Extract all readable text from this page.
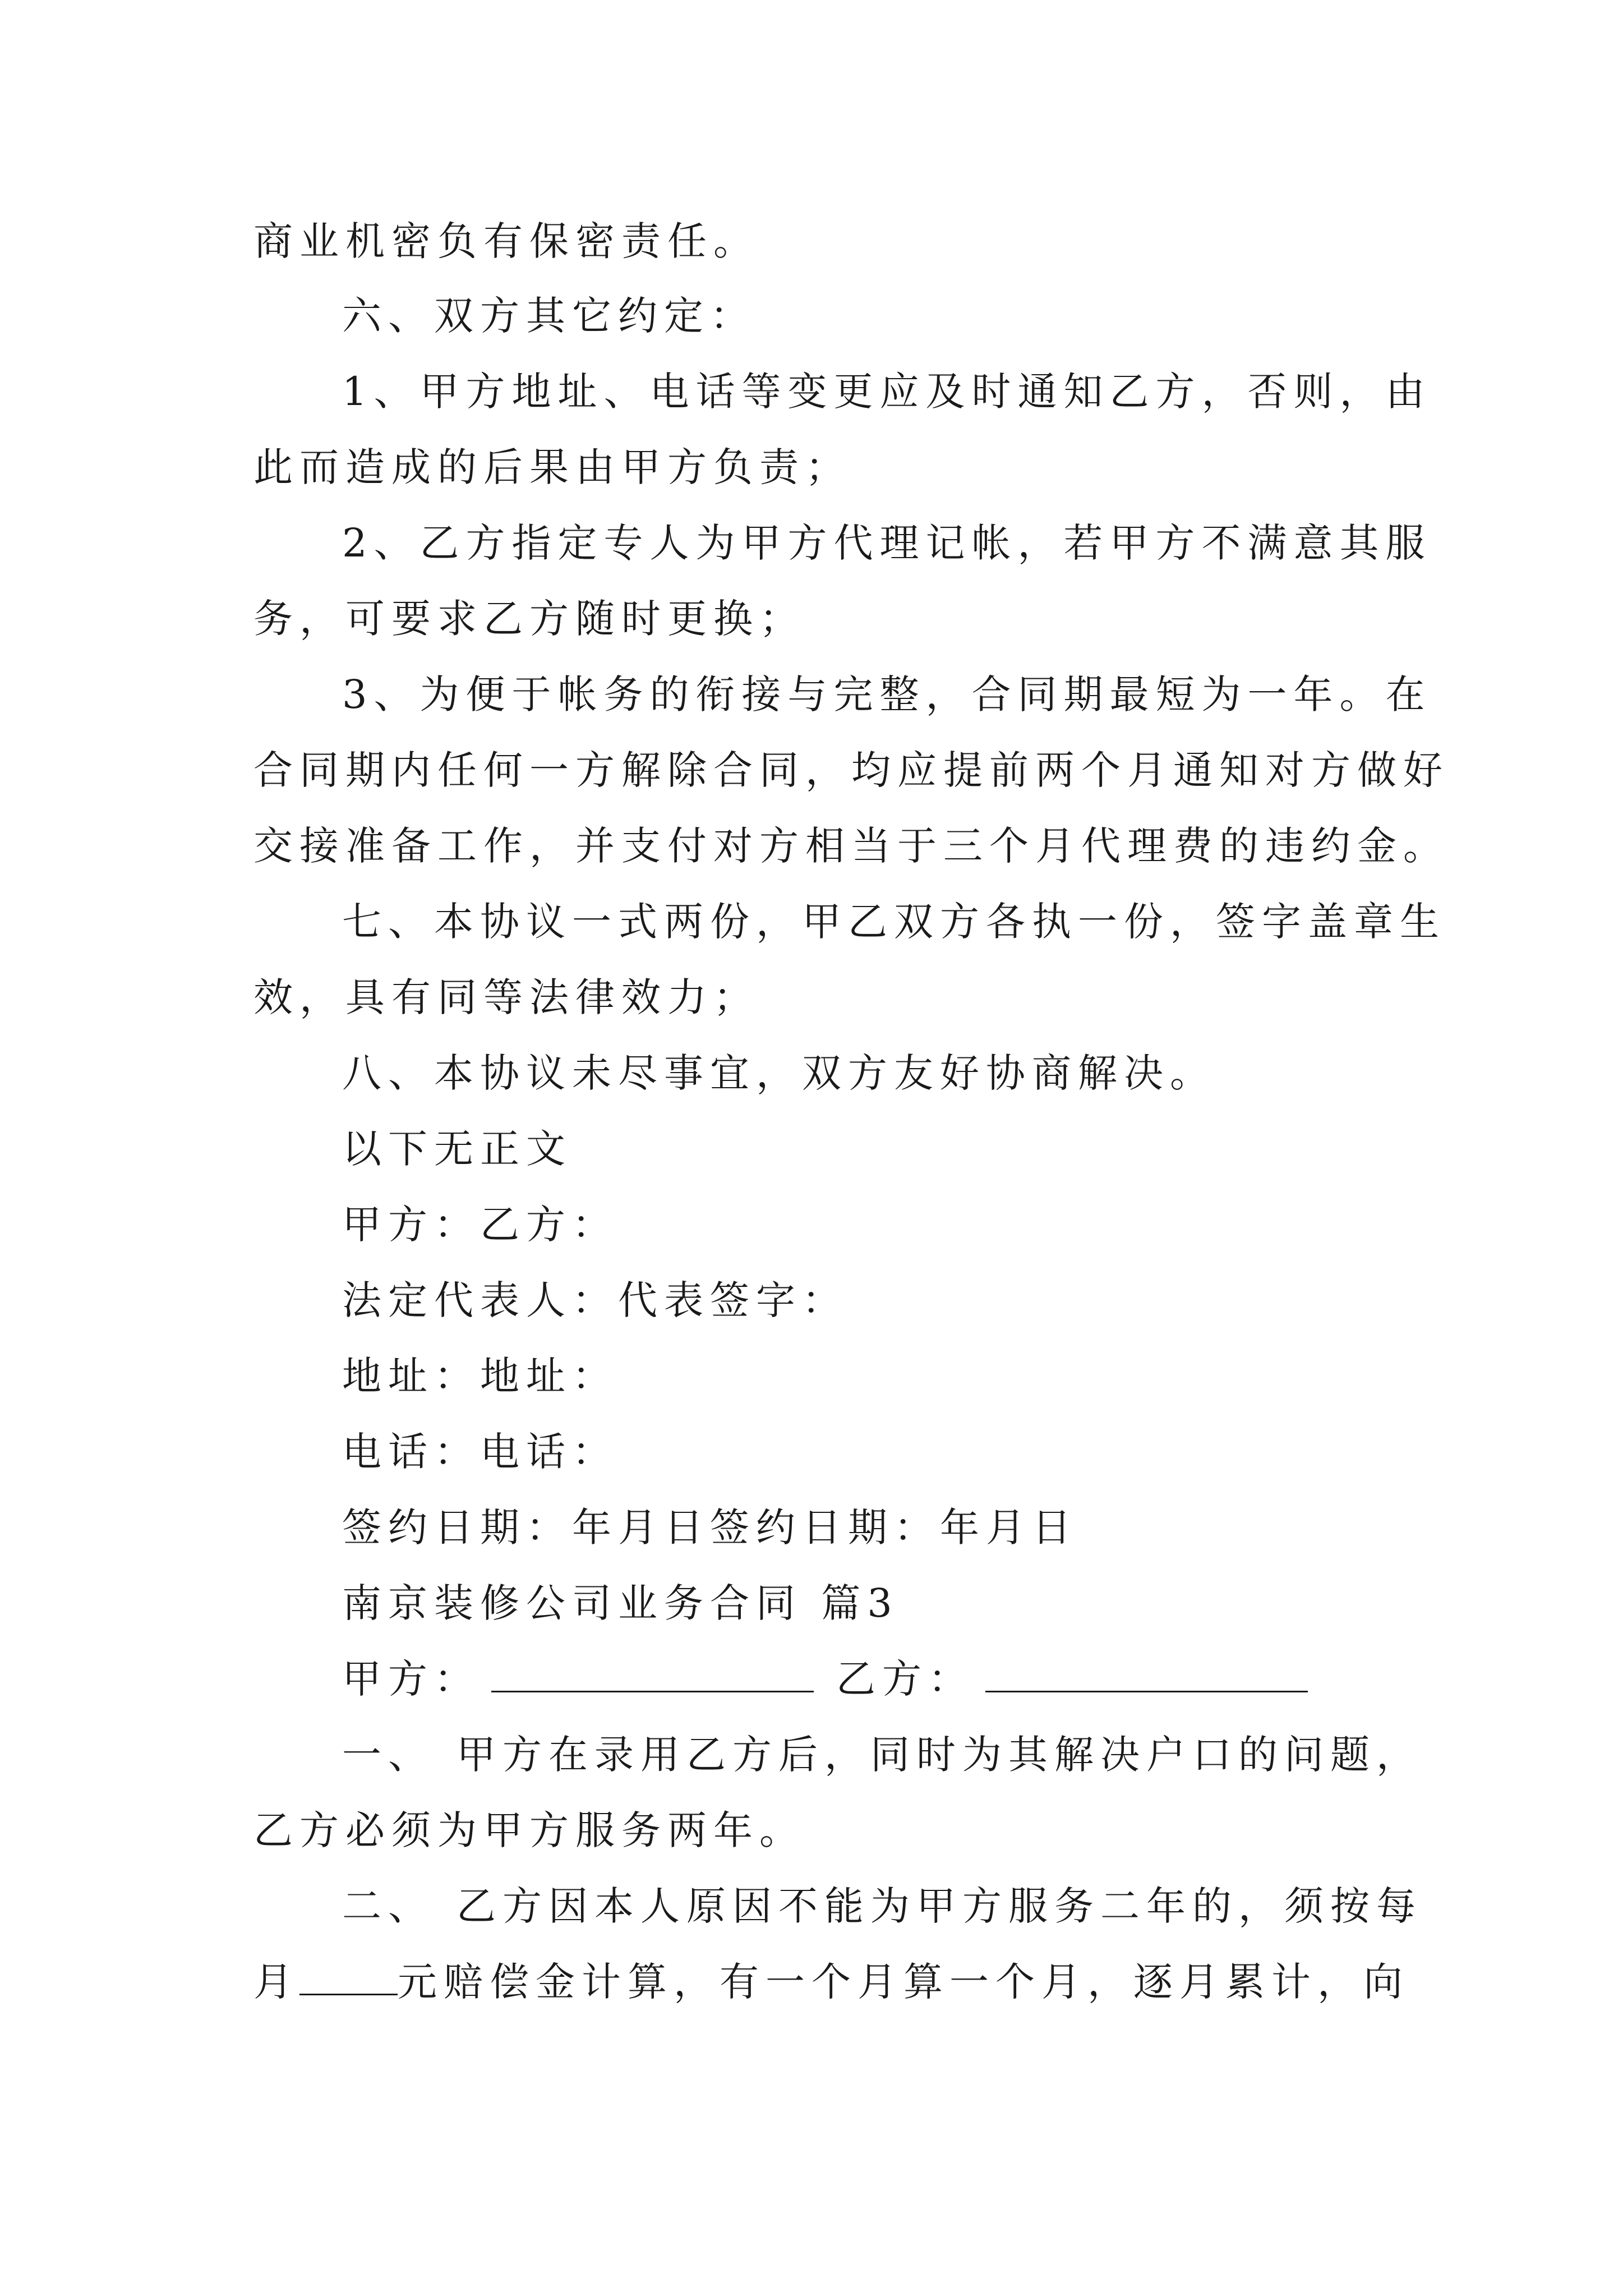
商业机密负有保密责任。
六、双方其它约定：
1、甲方地址、电话等变更应及时通知乙方，否则，由
此而造成的后果由甲方负责；
2、乙方指定专人为甲方代理记帐，若甲方不满意其服
务，可要求乙方随时更换；
3、为便于帐务的衔接与完整，合同期最短为一年。在
合同期内任何一方解除合同，均应提前两个月通知对方做好
交接准备工作，并支付对方相当于三个月代理费的违约金。
七、本协议一式两份，甲乙双方各执一份，签字盖章生
效，具有同等法律效力；
八、本协议未尽事宜，双方友好协商解决。
以下无正文
甲方：乙方：
法定代表人：代表签字：
地址：地址：
电话：电话：
签约日期：年月日签约日期：年月日
南京装修公司业务合同 篇3
甲方：	乙方：
一、 甲方在录用乙方后，同时为其解决户口的问题，
乙方必须为甲方服务两年。
二、 乙方因本人原因不能为甲方服务二年的，须按每
月	元赔偿金计算，有一个月算一个月，逐月累计，向
